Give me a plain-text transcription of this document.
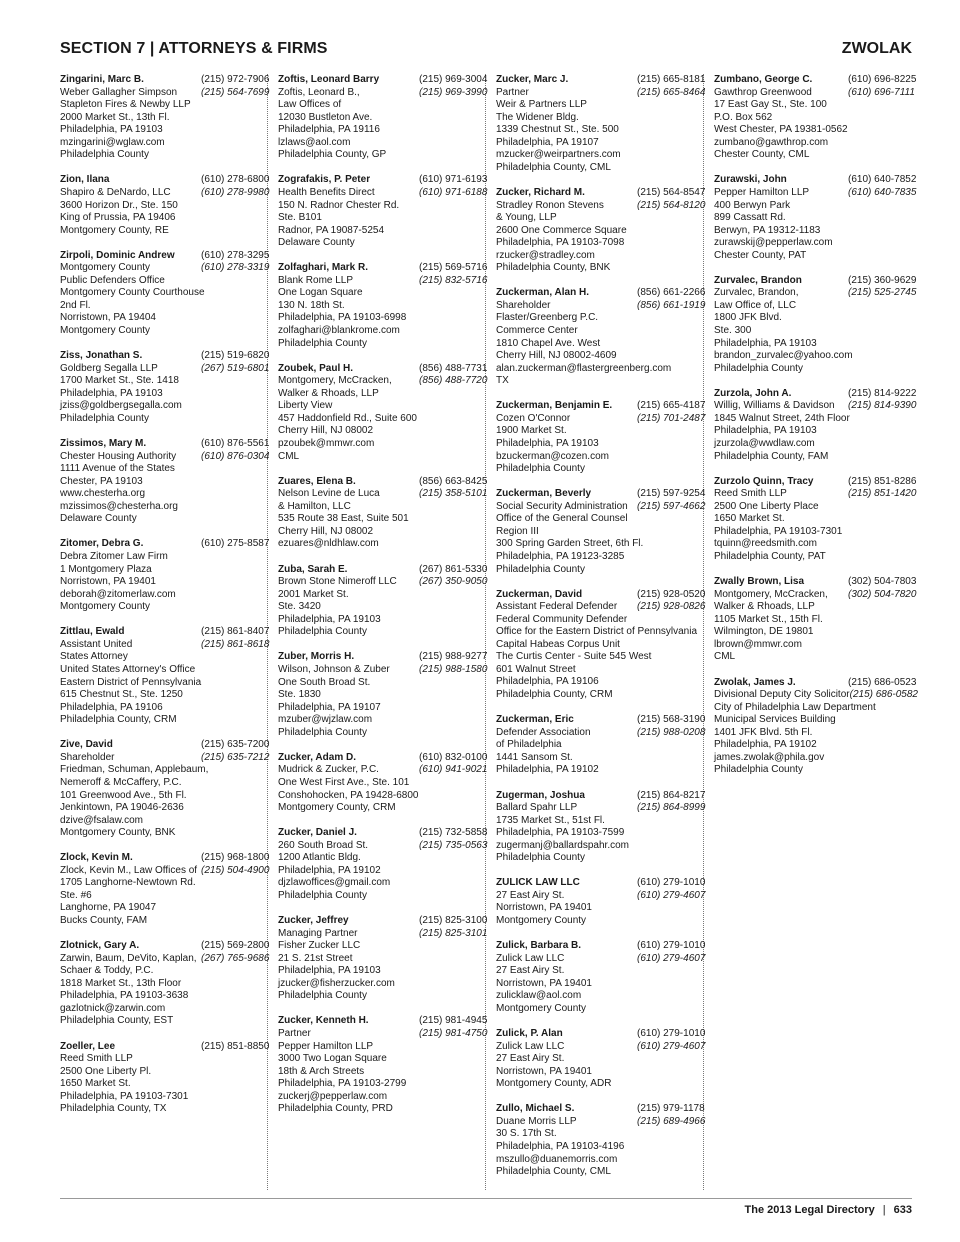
SECTION 7 | ATTORNEYS & FIRMS	ZWOLAK
Zingarini, Marc B.	(215) 972-7906
Weber Gallagher Simpson	(215) 564-7699
Stapleton Fires & Newby LLP
2000 Market St., 13th Fl.
Philadelphia, PA 19103
mzingarini@wglaw.com
Philadelphia County
Zion, Ilana	(610) 278-6800
Shapiro & DeNardo, LLC	(610) 278-9980
3600 Horizon Dr., Ste. 150
King of Prussia, PA 19406
Montgomery County, RE
Zirpoli, Dominic Andrew	(610) 278-3295
Montgomery County	(610) 278-3319
Public Defenders Office
Montgomery County Courthouse
2nd Fl.
Norristown, PA 19404
Montgomery County
Ziss, Jonathan S.	(215) 519-6820
Goldberg Segalla LLP	(267) 519-6801
1700 Market St., Ste. 1418
Philadelphia, PA 19103
jziss@goldbergsegalla.com
Philadelphia County
Zissimos, Mary M.	(610) 876-5561
Chester Housing Authority	(610) 876-0304
1111 Avenue of the States
Chester, PA 19103
www.chesterha.org
mzissimos@chesterha.org
Delaware County
Zitomer, Debra G.	(610) 275-8587
Debra Zitomer Law Firm
1 Montgomery Plaza
Norristown, PA 19401
deborah@zitomerlaw.com
Montgomery County
Zittlau, Ewald	(215) 861-8407
Assistant United	(215) 861-8618
States Attorney
United States Attorney's Office
Eastern District of Pennsylvania
615 Chestnut St., Ste. 1250
Philadelphia, PA 19106
Philadelphia County, CRM
Zive, David	(215) 635-7200
Shareholder	(215) 635-7212
Friedman, Schuman, Applebaum,
Nemeroff & McCaffery, P.C.
101 Greenwood Ave., 5th Fl.
Jenkintown, PA 19046-2636
dzive@fsalaw.com
Montgomery County, BNK
Zlock, Kevin M.	(215) 968-1800
Zlock, Kevin M., Law Offices of (215) 504-4900
1705 Langhorne-Newtown Rd.
Ste. #6
Langhorne, PA 19047
Bucks County, FAM
Zlotnick, Gary A.	(215) 569-2800
Zarwin, Baum, DeVito, Kaplan, (267) 765-9686
Schaer & Toddy, P.C.
1818 Market St., 13th Floor
Philadelphia, PA 19103-3638
gazlotnick@zarwin.com
Philadelphia County, EST
Zoeller, Lee	(215) 851-8850
Reed Smith LLP
2500 One Liberty Pl.
1650 Market St.
Philadelphia, PA 19103-7301
Philadelphia County, TX
Zoftis, Leonard Barry	(215) 969-3004
Zoftis, Leonard B.,	(215) 969-3990
Law Offices of
12030 Bustleton Ave.
Philadelphia, PA 19116
lzlaws@aol.com
Philadelphia County, GP
Zografakis, P. Peter	(610) 971-6193
Health Benefits Direct	(610) 971-6188
150 N. Radnor Chester Rd.
Ste. B101
Radnor, PA 19087-5254
Delaware County
Zolfaghari, Mark R.	(215) 569-5716
Blank Rome LLP	(215) 832-5716
One Logan Square
130 N. 18th St.
Philadelphia, PA 19103-6998
zolfaghari@blankrome.com
Philadelphia County
Zoubek, Paul H.	(856) 488-7731
Montgomery, McCracken,	(856) 488-7720
Walker & Rhoads, LLP
Liberty View
457 Haddonfield Rd., Suite 600
Cherry Hill, NJ 08002
pzoubek@mmwr.com
CML
Zuares, Elena B.	(856) 663-8425
Nelson Levine de Luca	(215) 358-5101
& Hamilton, LLC
535 Route 38 East, Suite 501
Cherry Hill, NJ 08002
ezuares@nldhlaw.com
Zuba, Sarah E.	(267) 861-5330
Brown Stone Nimeroff LLC	(267) 350-9050
2001 Market St.
Ste. 3420
Philadelphia, PA 19103
Philadelphia County
Zuber, Morris H.	(215) 988-9277
Wilson, Johnson & Zuber	(215) 988-1580
One South Broad St.
Ste. 1830
Philadelphia, PA 19107
mzuber@wjzlaw.com
Philadelphia County
Zucker, Adam D.	(610) 832-0100
Mudrick & Zucker, P.C.	(610) 941-9021
One West First Ave., Ste. 101
Conshohocken, PA 19428-6800
Montgomery County, CRM
Zucker, Daniel J.	(215) 732-5858
260 South Broad St.	(215) 735-0563
1200 Atlantic Bldg.
Philadelphia, PA 19102
djzlawoffices@gmail.com
Philadelphia County
Zucker, Jeffrey	(215) 825-3100
Managing Partner	(215) 825-3101
Fisher Zucker LLC
21 S. 21st Street
Philadelphia, PA 19103
jzucker@fisherzucker.com
Philadelphia County
Zucker, Kenneth H.	(215) 981-4945
Partner	(215) 981-4750
Pepper Hamilton LLP
3000 Two Logan Square
18th & Arch Streets
Philadelphia, PA 19103-2799
zuckerj@pepperlaw.com
Philadelphia County, PRD
Zucker, Marc J.	(215) 665-8181
Partner	(215) 665-8464
Weir & Partners LLP
The Widener Bldg.
1339 Chestnut St., Ste. 500
Philadelphia, PA 19107
mzucker@weirpartners.com
Philadelphia County, CML
Zucker, Richard M.	(215) 564-8547
Stradley Ronon Stevens	(215) 564-8120
& Young, LLP
2600 One Commerce Square
Philadelphia, PA 19103-7098
rzucker@stradley.com
Philadelphia County, BNK
Zuckerman, Alan H.	(856) 661-2266
Shareholder	(856) 661-1919
Flaster/Greenberg P.C.
Commerce Center
1810 Chapel Ave. West
Cherry Hill, NJ 08002-4609
alan.zuckerman@flastergreenberg.com
TX
Zuckerman, Benjamin E.	(215) 665-4187
Cozen O'Connor	(215) 701-2487
1900 Market St.
Philadelphia, PA 19103
bzuckerman@cozen.com
Philadelphia County
Zuckerman, Beverly	(215) 597-9254
Social Security Administration (215) 597-4662
Office of the General Counsel
Region III
300 Spring Garden Street, 6th Fl.
Philadelphia, PA 19123-3285
Philadelphia County
Zuckerman, David	(215) 928-0520
Assistant Federal Defender	(215) 928-0826
Federal Community Defender
Office for the Eastern District of Pennsylvania
Capital Habeas Corpus Unit
The Curtis Center - Suite 545 West
601 Walnut Street
Philadelphia, PA 19106
Philadelphia County, CRM
Zuckerman, Eric	(215) 568-3190
Defender Association	(215) 988-0208
of Philadelphia
1441 Sansom St.
Philadelphia, PA 19102
Zugerman, Joshua	(215) 864-8217
Ballard Spahr LLP	(215) 864-8999
1735 Market St., 51st Fl.
Philadelphia, PA 19103-7599
zugermanj@ballardspahr.com
Philadelphia County
ZULICK LAW LLC	(610) 279-1010
27 East Airy St.	(610) 279-4607
Norristown, PA 19401
Montgomery County
Zulick, Barbara B.	(610) 279-1010
Zulick Law LLC	(610) 279-4607
27 East Airy St.
Norristown, PA 19401
zulicklaw@aol.com
Montgomery County
Zulick, P. Alan	(610) 279-1010
Zulick Law LLC	(610) 279-4607
27 East Airy St.
Norristown, PA 19401
Montgomery County, ADR
Zullo, Michael S.	(215) 979-1178
Duane Morris LLP	(215) 689-4966
30 S. 17th St.
Philadelphia, PA 19103-4196
mszullo@duanemorris.com
Philadelphia County, CML
Zumbano, George C.	(610) 696-8225
Gawthrop Greenwood	(610) 696-7111
17 East Gay St., Ste. 100
P.O. Box 562
West Chester, PA 19381-0562
zumbano@gawthrop.com
Chester County, CML
Zurawski, John	(610) 640-7852
Pepper Hamilton LLP	(610) 640-7835
400 Berwyn Park
899 Cassatt Rd.
Berwyn, PA 19312-1183
zurawskij@pepperlaw.com
Chester County, PAT
Zurvalec, Brandon	(215) 360-9629
Zurvalec, Brandon,	(215) 525-2745
Law Office of, LLC
1800 JFK Blvd.
Ste. 300
Philadelphia, PA 19103
brandon_zurvalec@yahoo.com
Philadelphia County
Zurzola, John A.	(215) 814-9222
Willig, Williams & Davidson	(215) 814-9390
1845 Walnut Street, 24th Floor
Philadelphia, PA 19103
jzurzola@wwdlaw.com
Philadelphia County, FAM
Zurzolo Quinn, Tracy	(215) 851-8286
Reed Smith LLP	(215) 851-1420
2500 One Liberty Place
1650 Market St.
Philadelphia, PA 19103-7301
tquinn@reedsmith.com
Philadelphia County, PAT
Zwally Brown, Lisa	(302) 504-7803
Montgomery, McCracken,	(302) 504-7820
Walker & Rhoads, LLP
1105 Market St., 15th Fl.
Wilmington, DE 19801
lbrown@mmwr.com
CML
Zwolak, James J.	(215) 686-0523
Divisional Deputy City Solicitor (215) 686-0582
City of Philadelphia Law Department
Municipal Services Building
1401 JFK Blvd. 5th Fl.
Philadelphia, PA 19102
james.zwolak@phila.gov
Philadelphia County
The 2013 Legal Directory | 633
